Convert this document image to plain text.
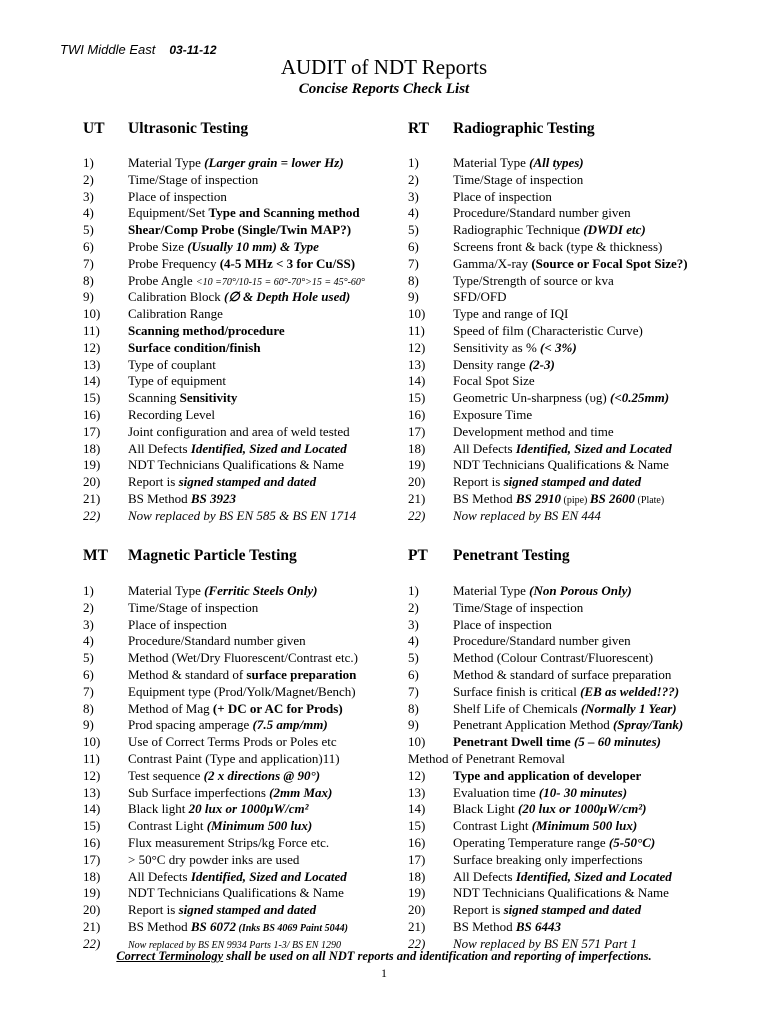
TWI Middle East 03-11-12
AUDIT of NDT Reports
Concise Reports Check List
UT Ultrasonic Testing	RT Radiographic Testing
MT Magnetic Particle Testing	PT Penetrant Testing
1)	Material Type (Larger grain = lower Hz)	1)	Material Type (All types)
2)	Time/Stage of inspection	2)	Time/Stage of inspection
3)	Place of inspection	3)	Place of inspection
4)	Equipment/Set Type and Scanning method	4)	Procedure/Standard number given
5)	Shear/Comp Probe (Single/Twin MAP?)	5)	Radiographic Technique (DWDI etc)
6)	Probe Size (Usually 10 mm) & Type	6)	Screens front & back (type & thickness)
7)	Probe Frequency (4-5 MHz < 3 for Cu/SS)	7)	Gamma/X-ray (Source or Focal Spot Size?)
8)	Probe Angle <10 =70°/10-15 = 60°-70°>15 = 45°-60°	8)	Type/Strength of source or kva
9)	Calibration Block (∅ & Depth Hole used)	9)	SFD/OFD
10) Calibration Range	10) Type and range of IQI
11) Scanning method/procedure	11) Speed of film (Characteristic Curve)
12) Surface condition/finish	12) Sensitivity as % (< 3%)
13) Type of couplant	13) Density range (2-3)
14) Type of equipment	14) Focal Spot Size
15) Scanning Sensitivity	15) Geometric Un-sharpness (υg) (<0.25mm)
16) Recording Level	16) Exposure Time
17) Joint configuration and area of weld tested	17) Development method and time
18) All Defects Identified, Sized and Located	18) All Defects Identified, Sized and Located
19) NDT Technicians Qualifications & Name	19) NDT Technicians Qualifications & Name
20) Report is signed stamped and dated	20) Report is signed stamped and dated
21) BS Method BS 3923	21) BS Method BS 2910 (pipe) BS 2600 (Plate)
22) Now replaced by BS EN 585 & BS EN 1714	22) Now replaced by BS EN 444
1)	Material Type (Ferritic Steels Only)	1)	Material Type (Non Porous Only)
2)	Time/Stage of inspection	2)	Time/Stage of inspection
3)	Place of inspection	3)	Place of inspection
4)	Procedure/Standard number given	4)	Procedure/Standard number given
5)	Method (Wet/Dry Fluorescent/Contrast etc.)	5)	Method (Colour Contrast/Fluorescent)
6)	Method & standard of surface preparation	6)	Method & standard of surface preparation
7)	Equipment type (Prod/Yolk/Magnet/Bench)	7)	Surface finish is critical (EB as welded!??)
8)	Method of Mag (+ DC or AC for Prods)	8)	Shelf Life of Chemicals (Normally 1 Year)
9)	Prod spacing amperage (7.5 amp/mm)	9)	Penetrant Application Method (Spray/Tank)
10) Use of Correct Terms Prods or Poles etc	10) Penetrant Dwell time (5 – 60 minutes)
11) Contrast Paint (Type and application)11)	Method of Penetrant Removal
12) Test sequence (2 x directions @ 90°)	12) Type and application of developer
13) Sub Surface imperfections (2mm Max)	13) Evaluation time (10- 30 minutes)
14) Black light 20 lux or 1000μW/cm²	14) Black Light (20 lux or 1000μW/cm²)
15) Contrast Light (Minimum 500 lux)	15) Contrast Light (Minimum 500 lux)
16) Flux measurement Strips/kg Force etc.	16) Operating Temperature range (5-50°C)
17) > 50°C dry powder inks are used	17) Surface breaking only imperfections
18) All Defects Identified, Sized and Located	18) All Defects Identified, Sized and Located
19) NDT Technicians Qualifications & Name	19) NDT Technicians Qualifications & Name
20) Report is signed stamped and dated	20) Report is signed stamped and dated
21) BS Method BS 6072 (Inks BS 4069 Paint 5044)	21) BS Method BS 6443
22)	Now replaced by BS EN 9934 Parts 1-3/ BS EN 1290	22) Now replaced by BS EN 571 Part 1
Correct Terminology shall be used on all NDT reports and identification and reporting of imperfections.
1
